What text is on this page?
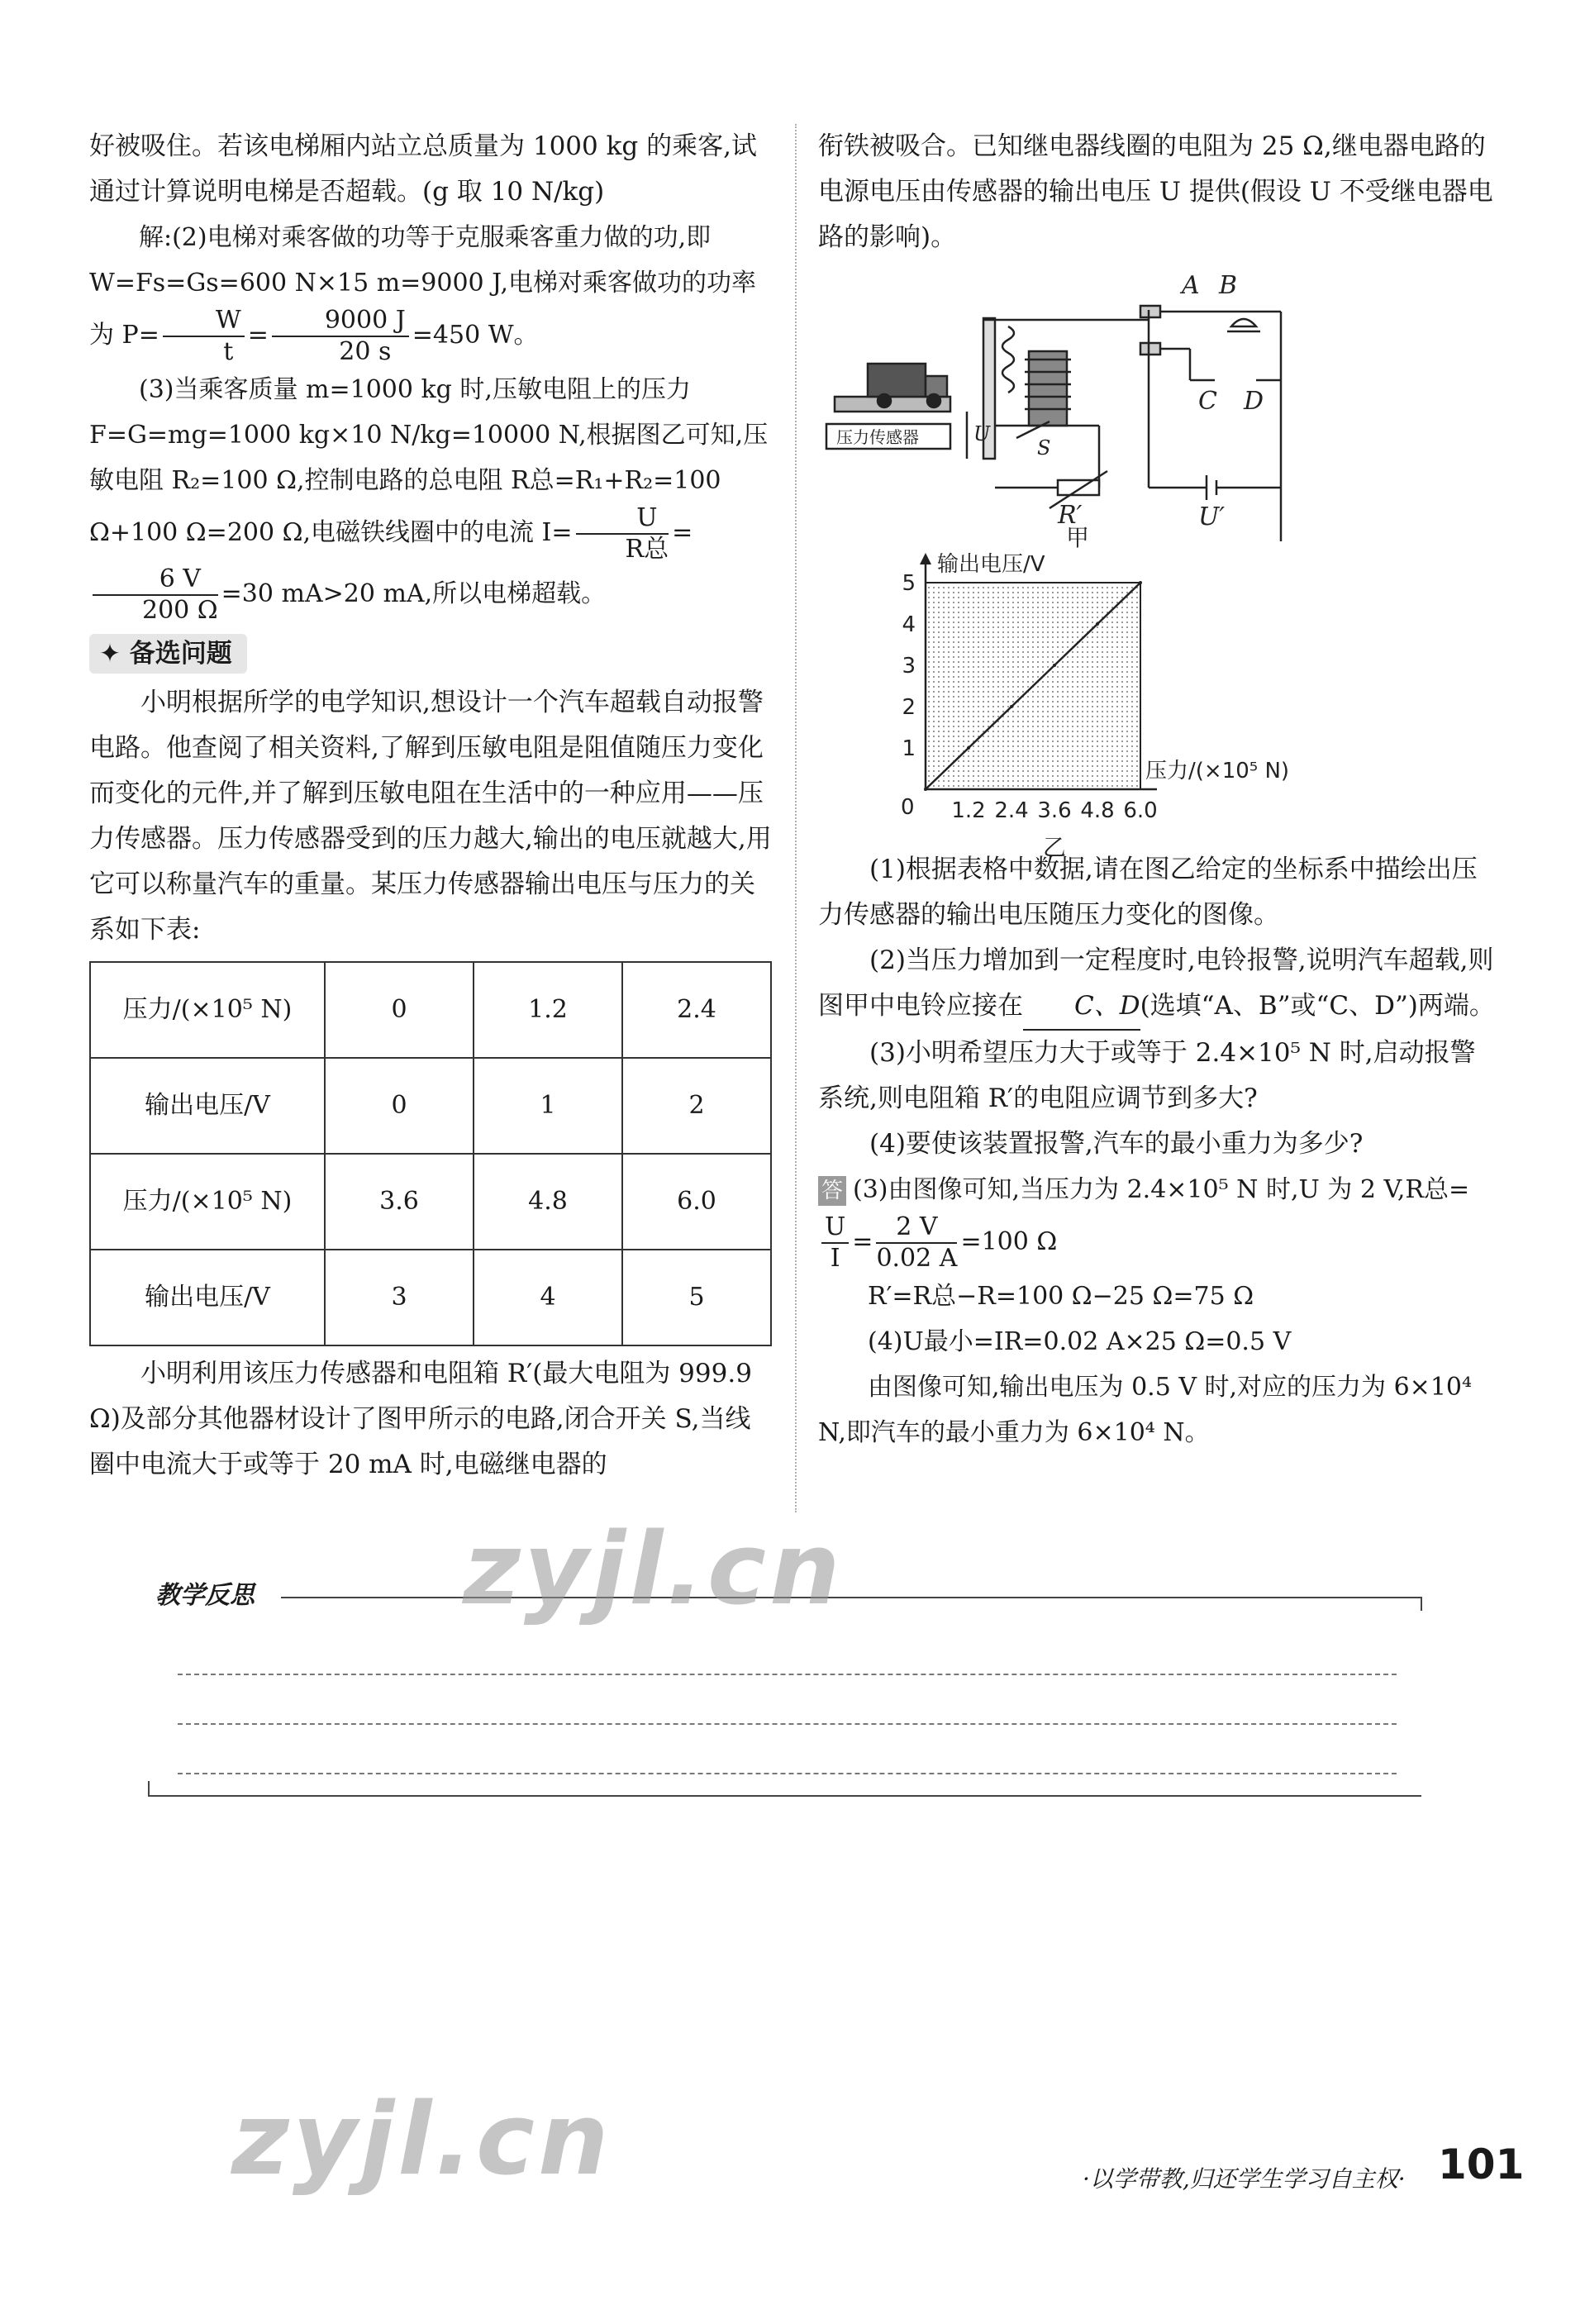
好被吸住。若该电梯厢内站立总质量为 1000 kg 的乘客,试通过计算说明电梯是否超载。(g 取 10 N/kg)

解:(2)电梯对乘客做的功等于克服乘客重力做的功,即 W=Fs=Gs=600 N×15 m=9000 J,电梯对乘客做功的功率为 $P= \frac{W}{t} = \frac{9000 J}{20 s} =450$ W。

(3)当乘客质量 m=1000 kg 时,压敏电阻上的压力 F=G=mg=1000 kg×10 N/kg=10000 N,根据图乙可知,压敏电阻 R₂=100 Ω,控制电路的总电阻 R总=R₁+R₂=100 Ω+100 Ω=200 Ω,电磁铁线圈中的电流 $I= \frac{U}{\text{R总}}$ =
$\frac{6 V}{200 \Omega} =30$ mA>20 mA,所以电梯超载。

✦ 备选问题

小明根据所学的电学知识,想设计一个汽车超载自动报警电路。他查阅了相关资料,了解到压敏电阻是阻值随压力变化而变化的元件,并了解到压敏电阻在生活中的一种应用——压力传感器。压力传感器受到的压力越大,输出的电压就越大,用它可以称量汽车的重量。某压力传感器输出电压与压力的关系如下表:

压力/(×10⁵ N)	0	1.2	2.4
输出电压/V	0	1	2
压力/(×10⁵ N)	3.6	4.8	6.0
输出电压/V	3	4	5

小明利用该压力传感器和电阻箱 R′(最大电阻为 999.9 Ω)及部分其他器材设计了图甲所示的电路,闭合开关 S,当线圈中电流大于或等于 20 mA 时,电磁继电器的

衔铁被吸合。已知继电器线圈的电阻为 25 Ω,继电器电路的电源电压由传感器的输出电压 U 提供(假设 U 不受继电器电路的影响)。

A B
C D
S
U
R′	U′
压力传感器
甲
1.2 2.4 3.6 4.8 6.0
1
2
3
4
5
0
输出电压/V
压力/(×10⁵ N)
乙

(1)根据表格中数据,请在图乙给定的坐标系中描绘出压力传感器的输出电压随压力变化的图像。

(2)当压力增加到一定程度时,电铃报警,说明汽车超载,则图甲中电铃应接在 C、D(选填“A、B”或“C、D”)两端。

(3)小明希望压力大于或等于 2.4×10⁵ N 时,启动报警系统,则电阻箱 R′的电阻应调节到多大?

(4)要使该装置报警,汽车的最小重力为多少?

答 (3)由图像可知,当压力为 2.4×10⁵ N 时,U 为 2 V,R总=
$\frac{U}{I} = \frac{2 V}{0.02 A} =100$ Ω

R′=R总−R=100 Ω−25 Ω=75 Ω

(4)U最小=IR=0.02 A×25 Ω=0.5 V

由图像可知,输出电压为 0.5 V 时,对应的压力为 6×10⁴ N,即汽车的最小重力为 6×10⁴ N。

教学反思 zyjl.cn
zyjl.cn	·以学带教,归还学生学习自主权· 101
